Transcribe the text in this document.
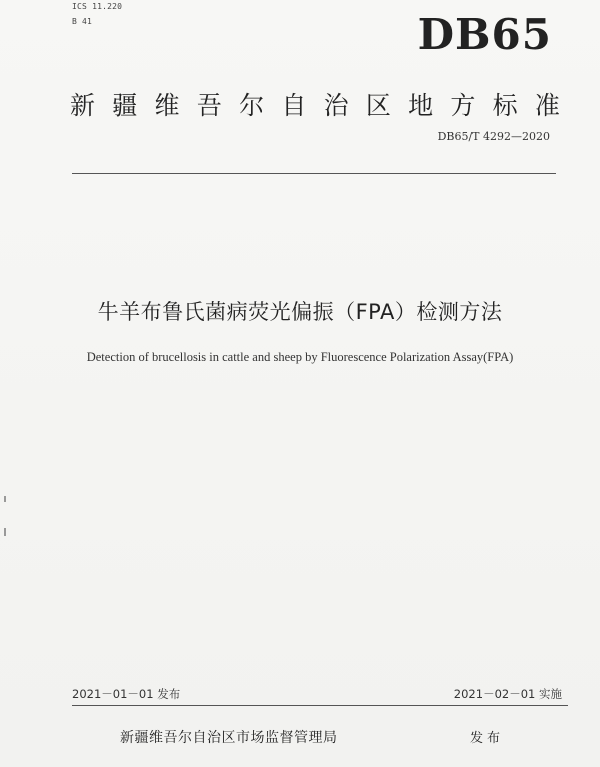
ICS 11.220
B 41	DB65
新 疆 维 吾 尔 自 治 区 地 方 标 准
DB65/T 4292—2020
牛羊布鲁氏菌病荧光偏振（FPA）检测方法
Detection of brucellosis in cattle and sheep by Fluorescence Polarization Assay(FPA)
2021－01－01 发布	2021－02－01 实施
新疆维吾尔自治区市场监督管理局	发布
